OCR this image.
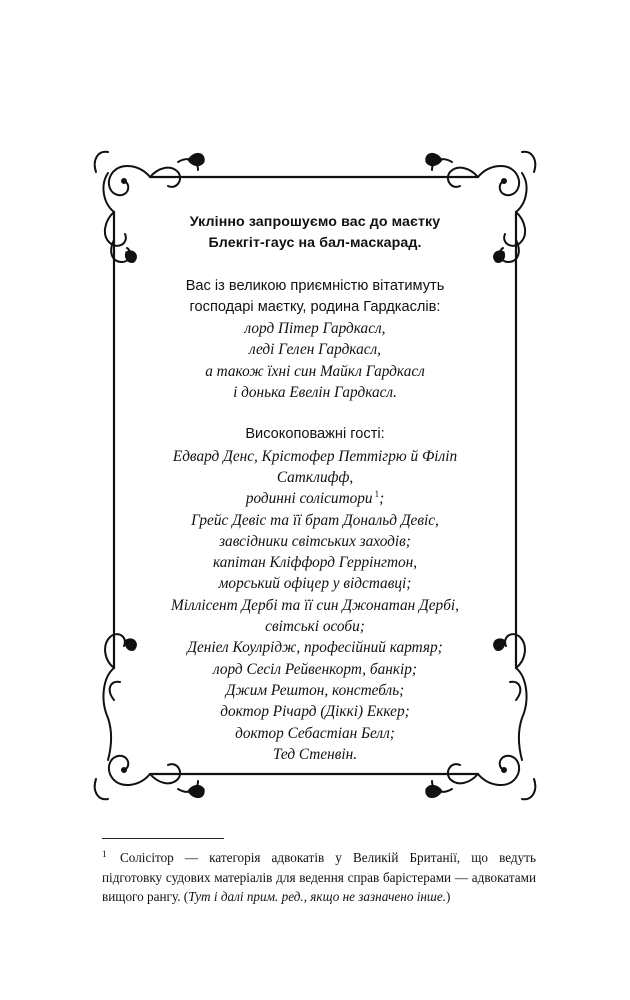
Уклінно запрошуємо вас до маєтку
Блекгіт-гаус на бал-маскарад.
Вас із великою приємністю вітатимуть
господарі маєтку, родина Гардкаслів:
лорд Пітер Гардкасл,
леді Гелен Гардкасл,
а також їхні син Майкл Гардкасл
і донька Евелін Гардкасл.
Високоповажні гості:
Едвард Денс, Крістофер Петтігрю й Філіп Сатклифф,
родинні соліситори $^1$;
Грейс Девіс та її брат Дональд Девіс,
завсідники світських заходів;
капітан Кліффорд Геррінгтон,
морський офіцер у відставці;
Міллісент Дербі та її син Джонатан Дербі,
світські особи;
Деніел Коулрідж, професійний картяр;
лорд Сесіл Рейвенкорт, банкір;
Джим Рештон, констебль;
доктор Річард (Діккі) Еккер;
доктор Себастіан Белл;
Тед Стенвін.
1	Солісітор — категорія адвокатів у Великій Британії, що ведуть підготовку судових матеріалів для ведення справ барістерами — адвокатами вищого рангу. (Тут і далі прим. ред., якщо не зазначено інше.)
